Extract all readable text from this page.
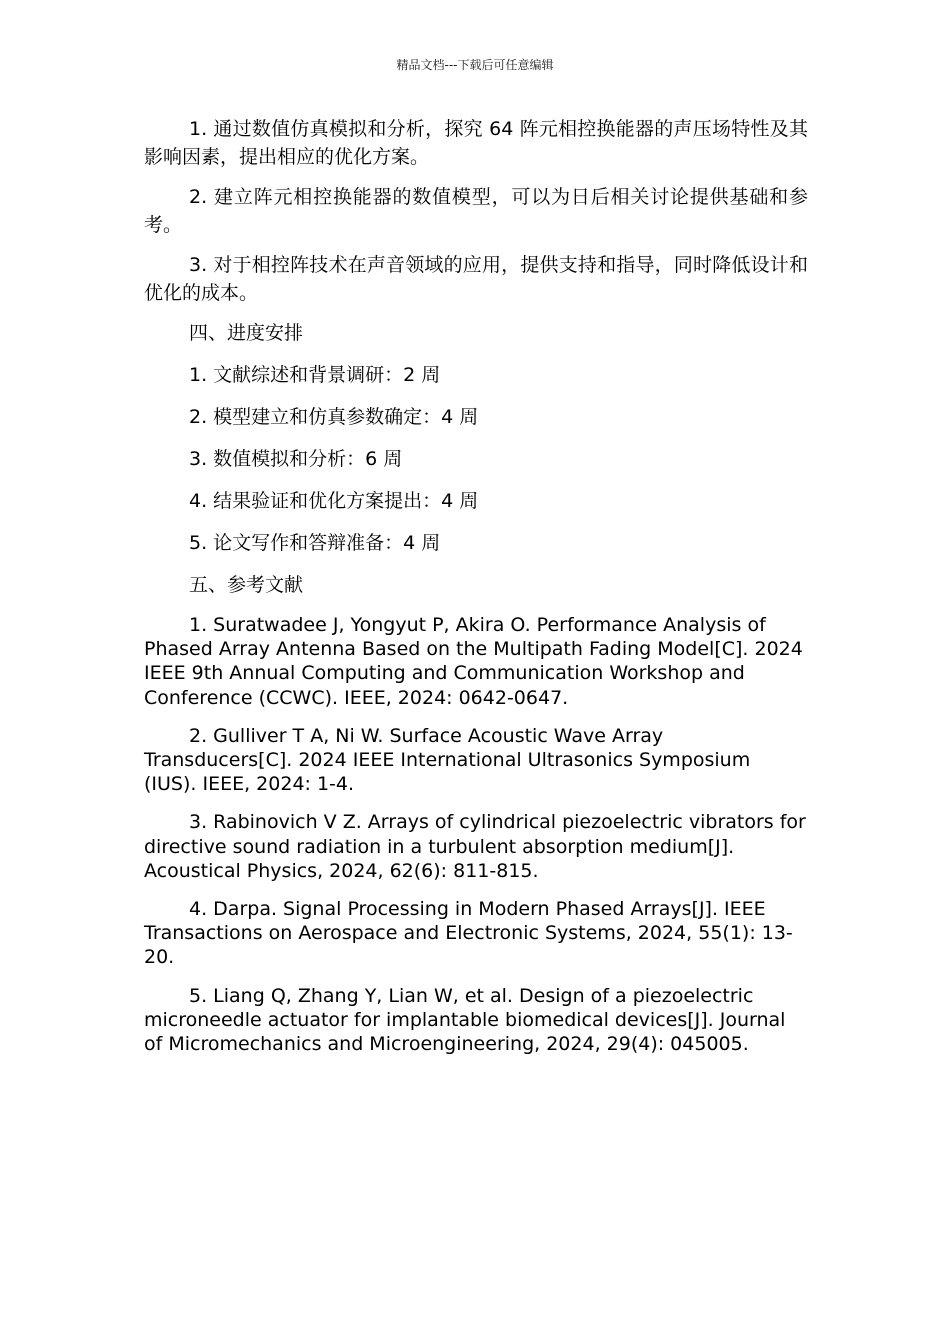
精品文档---下载后可任意编辑

1. 通过数值仿真模拟和分析，探究 64 阵元相控换能器的声压场特性及其影响因素，提出相应的优化方案。

2. 建立阵元相控换能器的数值模型，可以为日后相关讨论提供基础和参考。

3. 对于相控阵技术在声音领域的应用，提供支持和指导，同时降低设计和优化的成本。

四、进度安排

1. 文献综述和背景调研：2 周

2. 模型建立和仿真参数确定：4 周

3. 数值模拟和分析：6 周

4. 结果验证和优化方案提出：4 周

5. 论文写作和答辩准备：4 周

五、参考文献

1. Suratwadee J, Yongyut P, Akira O. Performance Analysis of Phased Array Antenna Based on the Multipath Fading Model[C]. 2024 IEEE 9th Annual Computing and Communication Workshop and Conference (CCWC). IEEE, 2024: 0642-0647.

2. Gulliver T A, Ni W. Surface Acoustic Wave Array Transducers[C]. 2024 IEEE International Ultrasonics Symposium (IUS). IEEE, 2024: 1-4.

3. Rabinovich V Z. Arrays of cylindrical piezoelectric vibrators for directive sound radiation in a turbulent absorption medium[J]. Acoustical Physics, 2024, 62(6): 811-815.

4. Darpa. Signal Processing in Modern Phased Arrays[J]. IEEE Transactions on Aerospace and Electronic Systems, 2024, 55(1): 13-20.

5. Liang Q, Zhang Y, Lian W, et al. Design of a piezoelectric microneedle actuator for implantable biomedical devices[J]. Journal of Micromechanics and Microengineering, 2024, 29(4): 045005.
